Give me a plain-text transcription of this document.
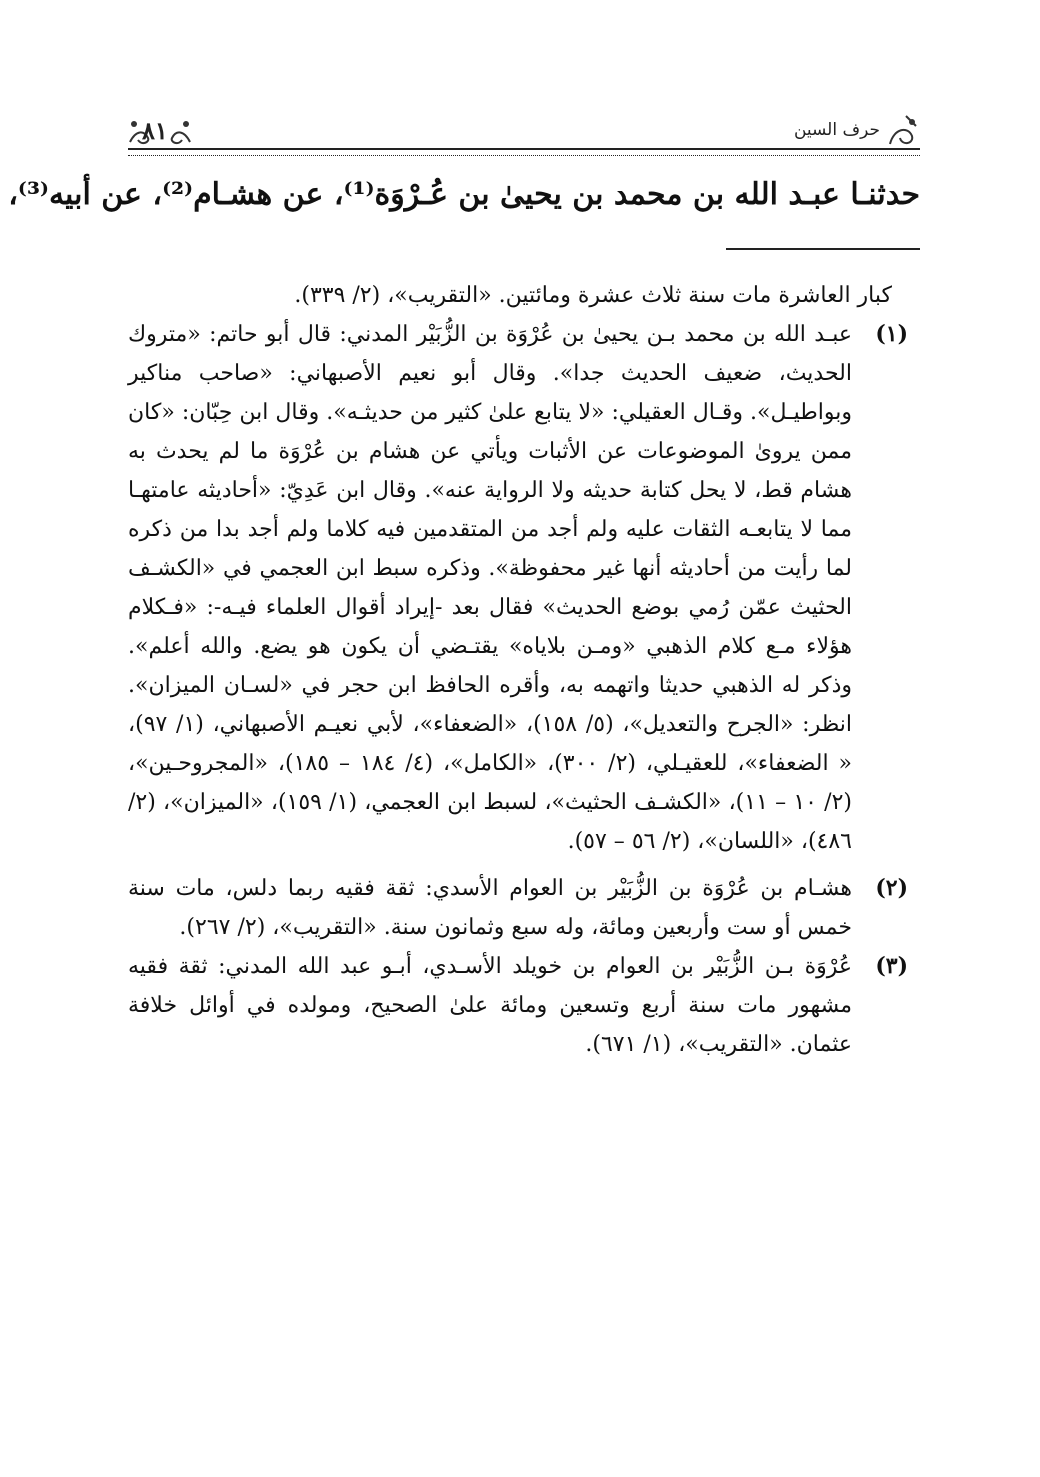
٨١	حرف السين
حدثنـا عبـد الله بن محمد بن يحيىٰ بن عُـرْوَة⁽¹⁾، عن هشـام⁽²⁾، عن أبيه⁽³⁾،

كبار العاشرة مات سنة ثلاث عشرة ومائتين. «التقريب»، (٢/ ٣٣٩).

(١)
عبـد الله بن محمد بـن يحيىٰ بن عُرْوَة بن الزُّبَيْر المدني: قال أبو حاتم: «متروك الحديث، ضعيف الحديث جدا». وقال أبو نعيم الأصبهاني: «صاحب مناكير وبواطيـل». وقـال العقيلي: «لا يتابع علىٰ كثير من حديثـه». وقال ابن حِبّان: «كان ممن يروىٰ الموضوعات عن الأثبات ويأتي عن هشام بن عُرْوَة ما لم يحدث به هشام قط، لا يحل كتابة حديثه ولا الرواية عنه». وقال ابن عَدِيّ: «أحاديثه عامتهـا مما لا يتابعـه الثقات عليه ولم أجد من المتقدمين فيه كلاما ولم أجد بدا من ذكره لما رأيت من أحاديثه أنها غير محفوظة». وذكره سبط ابن العجمي في «الكشـف الحثيث عمّن رُمي بوضع الحديث» فقال بعد -إيراد أقوال العلماء فيـه-: «فـكلام هؤلاء مـع كلام الذهبي «ومـن بلاياه» يقتـضي أن يكون هو يضع. والله أعلم». وذكر له الذهبي حديثا واتهمه به، وأقره الحافظ ابن حجر في «لسـان الميزان». انظر: «الجرح والتعديل»، (٥/ ١٥٨)، «الضعفاء»، لأبي نعيـم الأصبهاني، (١/ ٩٧)، « الضعفاء»، للعقيـلي، (٢/ ٣٠٠)، «الكامل»، (٤/ ١٨٤ – ١٨٥)، «المجروحـين»، (٢/ ١٠ – ١١)، «الكشـف الحثيث»، لسبط ابن العجمي، (١/ ١٥٩)، «الميزان»، (٢/ ٤٨٦)، «اللسان»، (٢/ ٥٦ – ٥٧).
(٢)
هشـام بن عُرْوَة بن الزُّبَيْر بن العوام الأسدي: ثقة فقيه ربما دلس، مات سنة خمس أو ست وأربعين ومائة، وله سبع وثمانون سنة. «التقريب»، (٢/ ٢٦٧).
(٣)
عُرْوَة بـن الزُّبَيْر بن العوام بن خويلد الأسـدي، أبـو عبد الله المدني: ثقة فقيه مشهور مات سنة أربع وتسعين ومائة علىٰ الصحيح، ومولده في أوائل خلافة عثمان. «التقريب»، (١/ ٦٧١).
